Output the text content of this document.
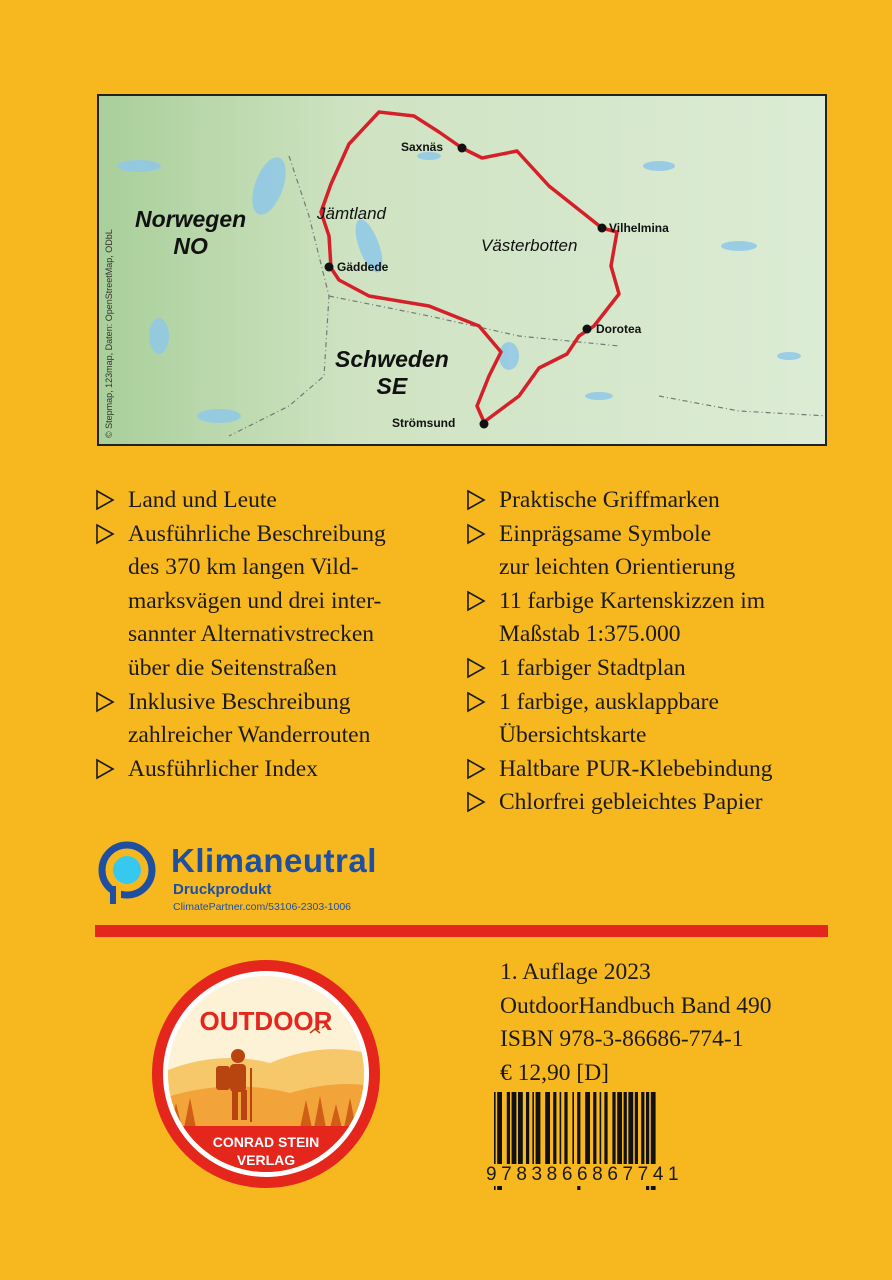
Norwegen
NO
Schweden
SE
Jämtland
Västerbotten
Saxnäs
Vilhelmina
Gäddede
Dorotea
Strömsund
© Stepmap, 123map, Daten: OpenStreetMap, ODbL
Land und Leute
Ausführliche Beschreibung
des 370 km langen Vild-
marksvägen und drei inter-
sannter Alternativstrecken
über die Seitenstraßen
Inklusive Beschreibung
zahlreicher Wanderrouten
Ausführlicher Index
Praktische Griffmarken
Einprägsame Symbole
zur leichten Orientierung
11 farbige Kartenskizzen im
Maßstab 1:375.000
1 farbiger Stadtplan
1 farbige, ausklappbare
Übersichtskarte
Haltbare PUR-Klebebindung
Chlorfrei gebleichtes Papier
Klimaneutral
Druckprodukt
ClimatePartner.com/53106-2303-1006
OUTDOOR
CONRAD STEIN
VERLAG
1. Auflage 2023
OutdoorHandbuch Band 490
ISBN 978-3-86686-774-1
€ 12,90 [D]
9783866867741
